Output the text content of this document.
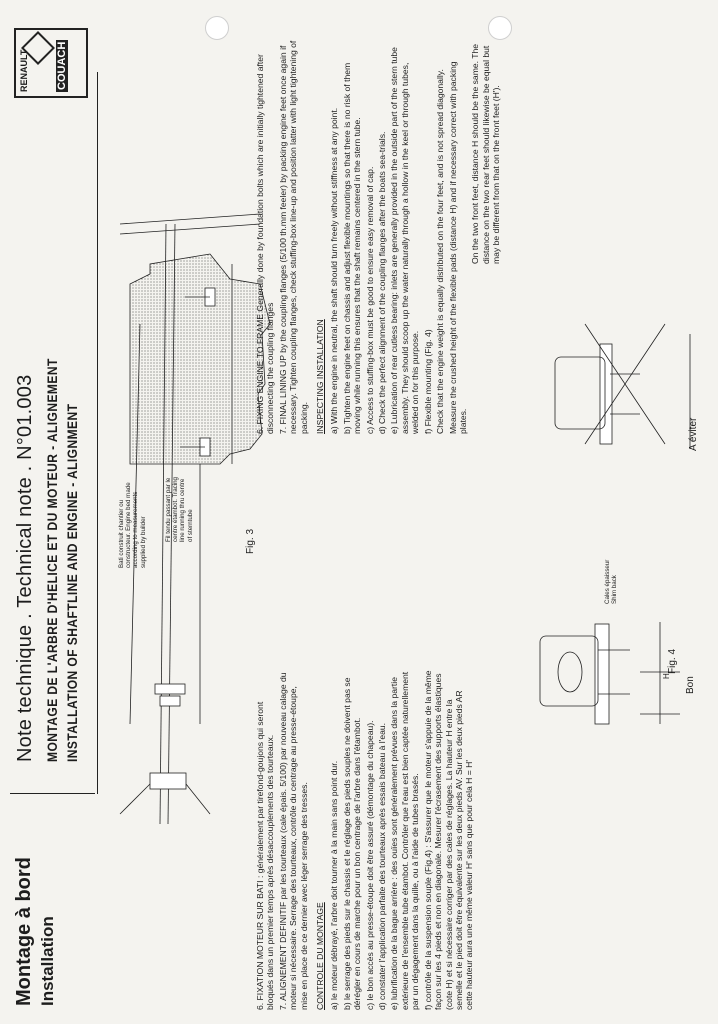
Montage à bord Installation
Note technique . Technical note . N°01.003 MONTAGE DE L'ARBRE D'HELICE ET DU MOTEUR - ALIGNEMENT INSTALLATION OF SHAFTLINE AND ENGINE - ALIGNMENT
RENAULT COUACH
Bati construit chantier ou constructeur. Engine bed made according to measurements supplied by builder
Fil tendu passant par le centre étambot. Tracing line running thru centre of sterntube	Fig. 3
Cales épaisseur Shim back
Fig. 4
Bon
A éviter
H

6. FIXATION MOTEUR SUR BATI : généralement par tirefond-goujons qui seront bloqués dans un premier temps après désaccouplements des tourteaux. 7. ALIGNEMENT DEFINITIF par les tourteaux (cale épais. 5/100) par nouveau calage du moteur si nécessaire. Serrage des tourteaux, contrôle du centrage au presse-étoupe, mise en place de ce dernier avec léger serrage des tresses. CONTROLE DU MONTAGE a) le moteur débrayé, l'arbre doit tourner à la main sans point dur. b) le serrage des pieds sur le chassis et le réglage des pieds souples ne doivent pas se dérégler en cours de marche pour un bon centrage de l'arbre dans l'étambot. c) le bon accès au presse-étoupe doit être assuré (démontage du chapeau). d) constater l'application parfaite des tourteaux après essais bateau à l'eau. e) lubrification de la bague arrière : des ouïes sont généralement prévues dans la partie extérieure de l'ensemble tube étambot. Contrôler que l'eau est bien captée naturellement par un dégagement dans la quille, ou à l'aide de tubes brasés. f) contrôle de la suspension souple (Fig.4) : S'assurer que le moteur s'appuie de la même façon sur les 4 pieds et non en diagonale. Mesurer l'écrasement des supports élastiques (cote H) et si nécessaire corriger par des cales de réglages. La hauteur H entre la semelle et le pied doit être équivalente sur les deux pieds AV. Sur les deux pieds AR cette hauteur aura une même valeur H' sans que pour cela H = H'

6. FIXING ENGINE TO FRAME Generally done by foundation bolts which are initially tightened after disconnecting the coupling flanges 7. FINAL LINING UP by the coupling flanges (5/100 th.mm feeler) by packing engine feet once again if necessary. Tighten coupling flanges, check stuffing-box line-up and position latter with light tightening of packing. INSPECTING INSTALLATION a) With the engine in neutral, the shaft should turn freely without stiffness at any point. b) Tighten the engine feet on chassis and adjust flexible mountings so that there is no risk of them moving while running this ensures that the shaft remains centered in the stern tube. c) Access to stuffing-box must be good to ensure easy removal of cap. d) Check the perfect alignment of the coupling flanges after the boats sea-trials. e) Lubrication of rear cutless bearing: inlets are generally provided in the outside part of the stern tube assembly. They should scoop up the water naturally through a hollow in the keel or through tubes, welded on for this purpose. f) Flexible mounting (Fig. 4) Check that the engine weight is equally distributed on the four feet, and is not spread diagonally. Measure the crushed height of the flexible pads (distance H) and if necessary correct with packing plates.

On the two front feet, distance H should be the same. The distance on the two rear feet should likewise be equal but may be different from that on the front feet (H').
